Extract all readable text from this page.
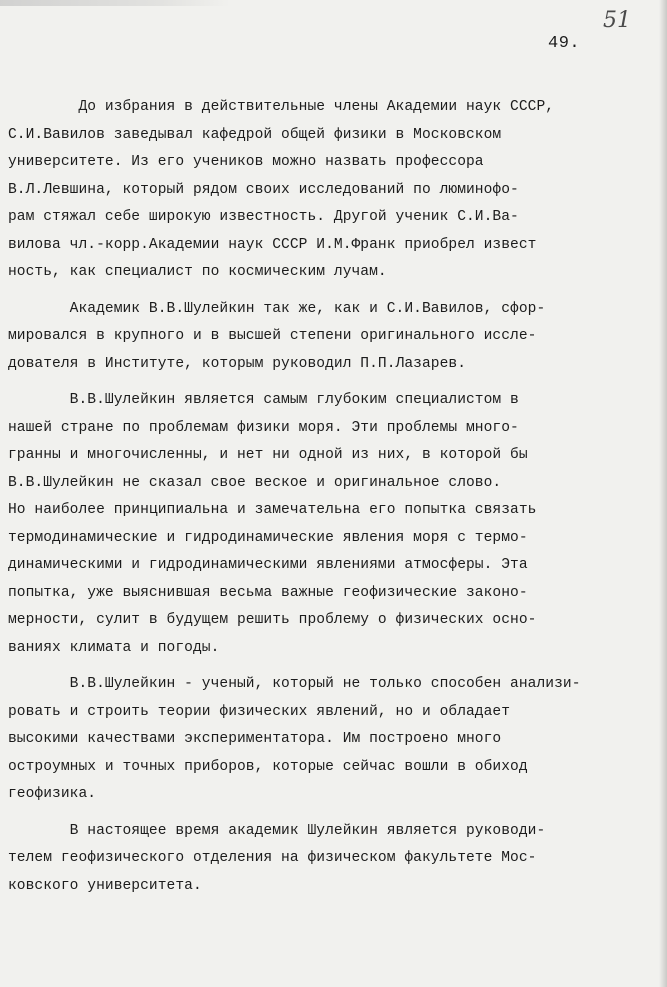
51
49.
До избрания в действительные члены Академии наук СССР,
С.И.Вавилов заведывал кафедрой общей физики в Московском
университете. Из его учеников можно назвать профессора
В.Л.Левшина, который рядом своих исследований по люминофо-
рам стяжал себе широкую известность. Другой ученик С.И.Ва-
вилова чл.-корр.Академии наук СССР И.М.Франк приобрел извест
ность, как специалист по космическим лучам.
Академик В.В.Шулейкин так же, как и С.И.Вавилов, сфор-
мировался в крупного и в высшей степени оригинального иссле-
дователя в Институте, которым руководил П.П.Лазарев.
В.В.Шулейкин является самым глубоким специалистом в
нашей стране по проблемам физики моря. Эти проблемы много-
гранны и многочисленны, и нет ни одной из них, в которой бы
В.В.Шулейкин не сказал свое веское и оригинальное слово.
Но наиболее принципиальна и замечательна его попытка связать
термодинамические и гидродинамические явления моря с термо-
динамическими и гидродинамическими явлениями атмосферы. Эта
попытка, уже выяснившая весьма важные геофизические законо-
мерности, сулит в будущем решить проблему о физических осно-
ваниях климата и погоды.
В.В.Шулейкин - ученый, который не только способен анализи-
ровать и строить теории физических явлений, но и обладает
высокими качествами экспериментатора. Им построено много
остроумных и точных приборов, которые сейчас вошли в обиход
геофизика.
В настоящее время академик Шулейкин является руководи-
телем геофизического отделения на физическом факультете Мос-
ковского университета.
